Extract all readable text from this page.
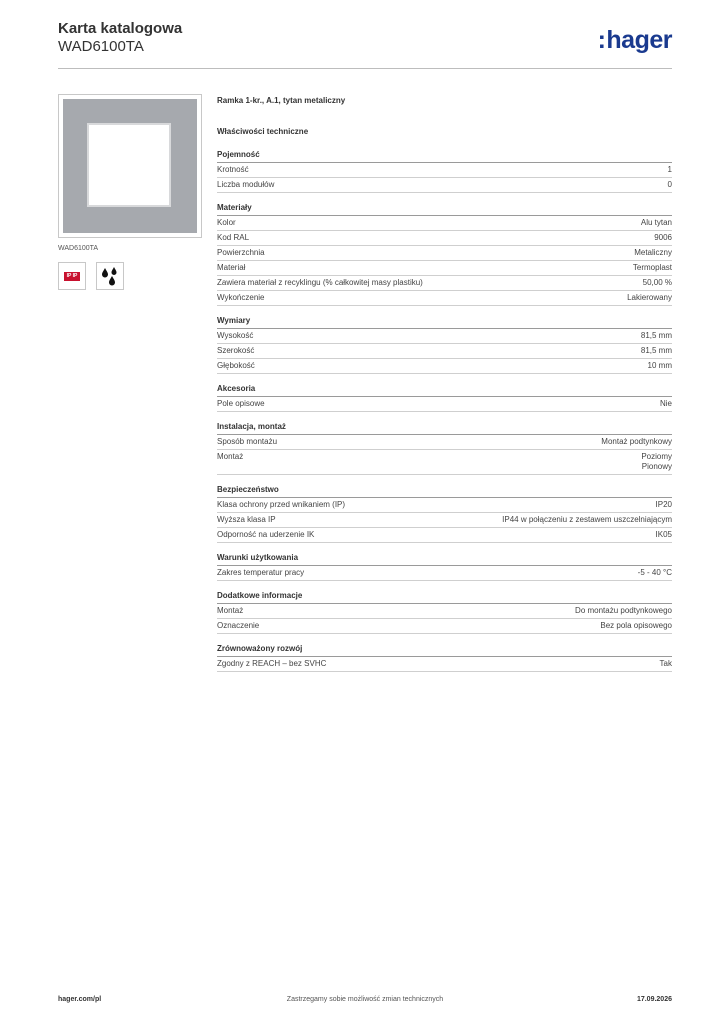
Karta katalogowa
WAD6100TA	:hager
WAD6100TA
IP IP
Ramka 1-kr., A.1, tytan metaliczny
Właściwości techniczne
Pojemność
Krotność	1
Liczba modułów	0
Materiały
Kolor	Alu tytan
Kod RAL	9006
Powierzchnia	Metaliczny
Materiał	Termoplast
Zawiera materiał z recyklingu (% całkowitej masy plastiku)	50,00 %
Wykończenie	Lakierowany
Wymiary
Wysokość	81,5 mm
Szerokość	81,5 mm
Głębokość	10 mm
Akcesoria
Pole opisowe	Nie
Instalacja, montaż
Sposób montażu	Montaż podtynkowy
Montaż	Poziomy
Pionowy
Bezpieczeństwo
Klasa ochrony przed wnikaniem (IP)	IP20
Wyższa klasa IP	IP44 w połączeniu z zestawem uszczelniającym
Odporność na uderzenie IK	IK05
Warunki użytkowania
Zakres temperatur pracy	-5 - 40 °C
Dodatkowe informacje
Montaż	Do montażu podtynkowego
Oznaczenie	Bez pola opisowego
Zrównoważony rozwój
Zgodny z REACH – bez SVHC	Tak
hager.com/pl	Zastrzegamy sobie możliwość zmian technicznych	17.09.2026
